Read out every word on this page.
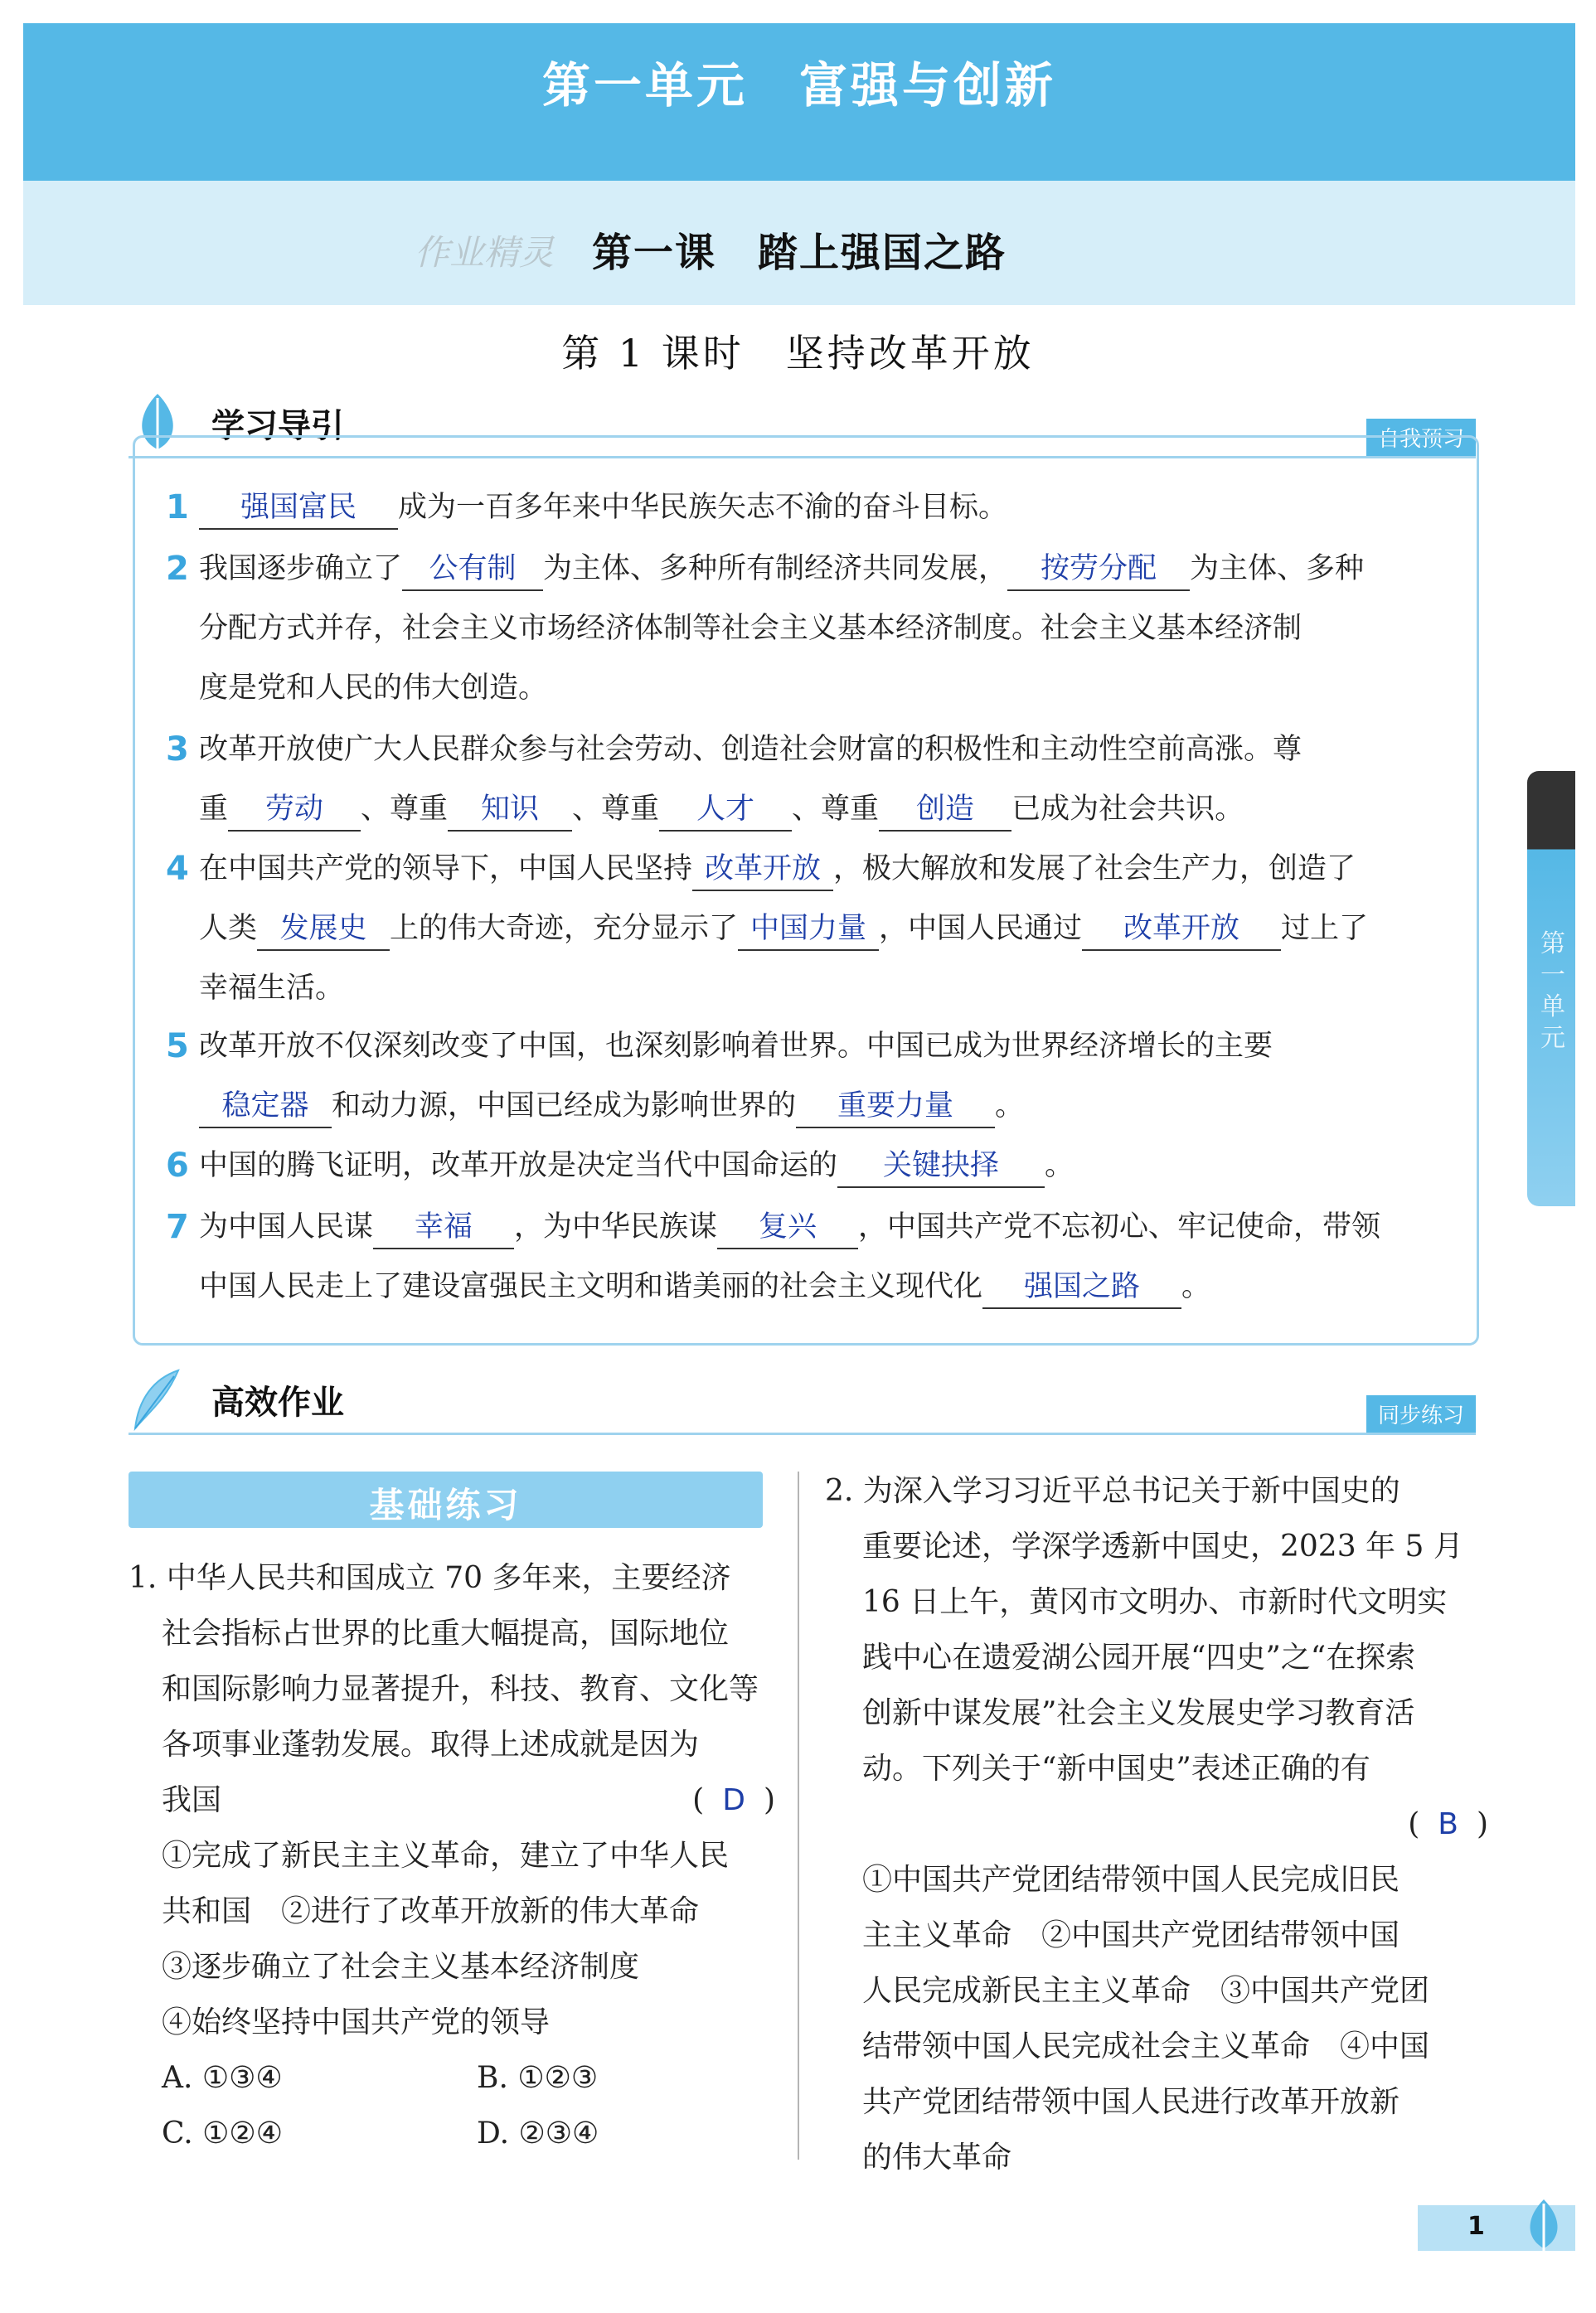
第一单元　富强与创新
第一课　踏上强国之路
作业精灵
第 1 课时　坚持改革开放
学习导引	自我预习
1 强国富民 成为一百多年来中华民族矢志不渝的奋斗目标。
2 我国逐步确立了 公有制 为主体、多种所有制经济共同发展， 按劳分配 为主体、多种
分配方式并存，社会主义市场经济体制等社会主义基本经济制度。社会主义基本经济制
度是党和人民的伟大创造。
3 改革开放使广大人民群众参与社会劳动、创造社会财富的积极性和主动性空前高涨。尊
重 劳动 、尊重 知识 、尊重 人才 、尊重 创造 已成为社会共识。
4 在中国共产党的领导下，中国人民坚持 改革开放 ，极大解放和发展了社会生产力，创造了
人类 发展史 上的伟大奇迹，充分显示了 中国力量 ，中国人民通过 改革开放 过上了
幸福生活。
5 改革开放不仅深刻改变了中国，也深刻影响着世界。中国已成为世界经济增长的主要
稳定器 和动力源，中国已经成为影响世界的 重要力量 。
6 中国的腾飞证明，改革开放是决定当代中国命运的 关键抉择 。
7 为中国人民谋 幸福 ，为中华民族谋 复兴 ，中国共产党不忘初心、牢记使命，带领
中国人民走上了建设富强民主文明和谐美丽的社会主义现代化 强国之路 。
高效作业	同步练习
基础练习
1. 中华人民共和国成立 70 多年来，主要经济
社会指标占世界的比重大幅提高，国际地位
和国际影响力显著提升，科技、教育、文化等
各项事业蓬勃发展。取得上述成就是因为
我国	( D )
①完成了新民主主义革命，建立了中华人民
共和国　②进行了改革开放新的伟大革命
③逐步确立了社会主义基本经济制度
④始终坚持中国共产党的领导
A. ①③④	B. ①②③
C. ①②④	D. ②③④
2. 为深入学习习近平总书记关于新中国史的
重要论述，学深学透新中国史，2023 年 5 月
16 日上午，黄冈市文明办、市新时代文明实
践中心在遗爱湖公园开展“四史”之“在探索
创新中谋发展”社会主义发展史学习教育活
动。下列关于“新中国史”表述正确的有
( B )
①中国共产党团结带领中国人民完成旧民
主主义革命　②中国共产党团结带领中国
人民完成新民主主义革命　③中国共产党团
结带领中国人民完成社会主义革命　④中国
共产党团结带领中国人民进行改革开放新
的伟大革命
第一单元
1
